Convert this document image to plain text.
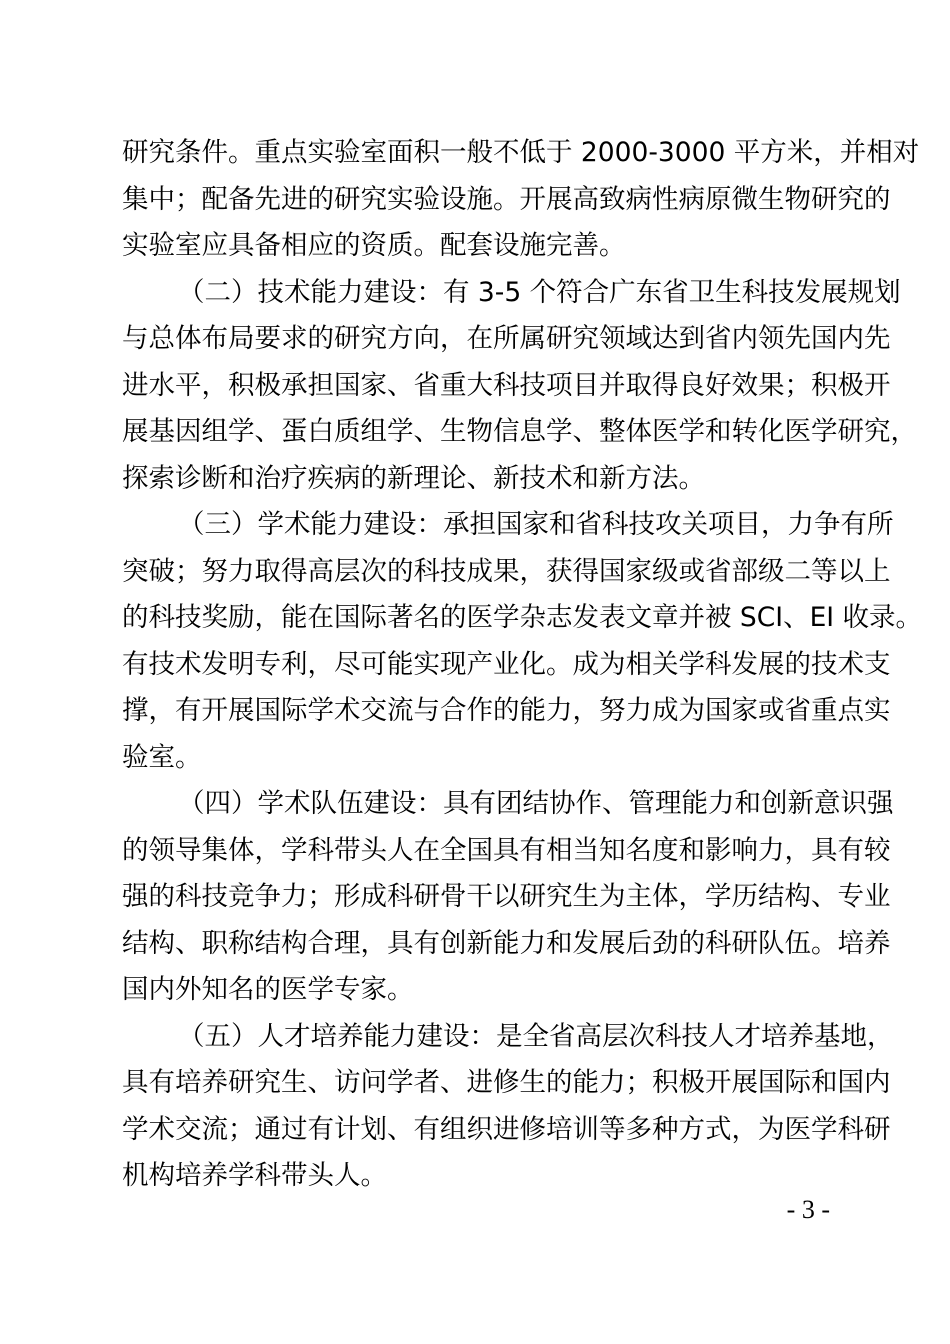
研究条件。重点实验室面积一般不低于 2000-3000 平方米，并相对
集中；配备先进的研究实验设施。开展高致病性病原微生物研究的
实验室应具备相应的资质。配套设施完善。
（二）技术能力建设：有 3-5 个符合广东省卫生科技发展规划
与总体布局要求的研究方向，在所属研究领域达到省内领先国内先
进水平，积极承担国家、省重大科技项目并取得良好效果；积极开
展基因组学、蛋白质组学、生物信息学、整体医学和转化医学研究，
探索诊断和治疗疾病的新理论、新技术和新方法。
（三）学术能力建设：承担国家和省科技攻关项目，力争有所
突破；努力取得高层次的科技成果，获得国家级或省部级二等以上
的科技奖励，能在国际著名的医学杂志发表文章并被 SCI、EI 收录。
有技术发明专利，尽可能实现产业化。成为相关学科发展的技术支
撑，有开展国际学术交流与合作的能力，努力成为国家或省重点实
验室。
（四）学术队伍建设：具有团结协作、管理能力和创新意识强
的领导集体，学科带头人在全国具有相当知名度和影响力，具有较
强的科技竞争力；形成科研骨干以研究生为主体，学历结构、专业
结构、职称结构合理，具有创新能力和发展后劲的科研队伍。培养
国内外知名的医学专家。
（五）人才培养能力建设：是全省高层次科技人才培养基地，
具有培养研究生、访问学者、进修生的能力；积极开展国际和国内
学术交流；通过有计划、有组织进修培训等多种方式，为医学科研
机构培养学科带头人。
- 3 -
